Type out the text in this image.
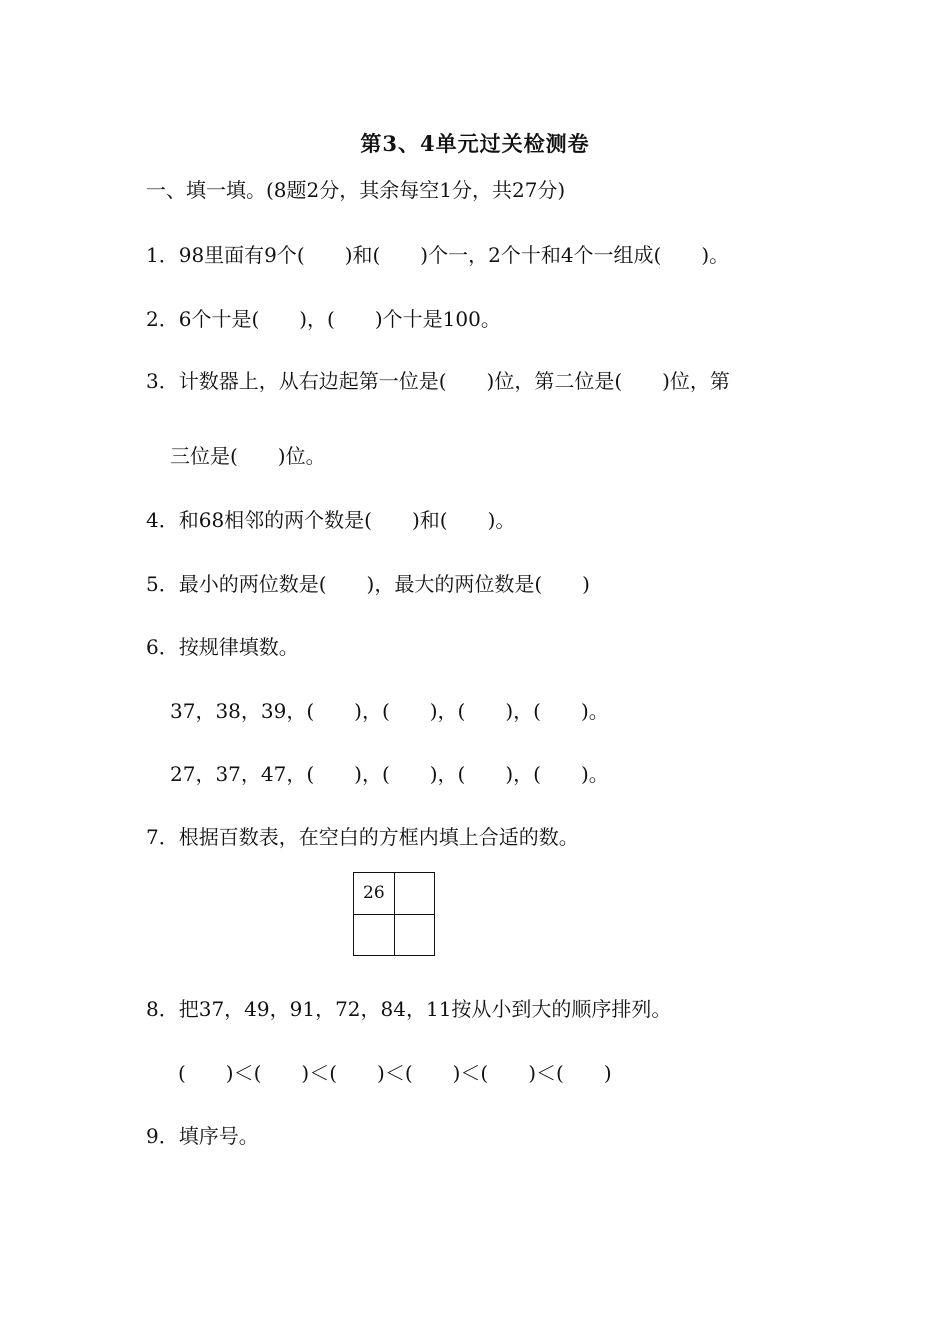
第3、4单元过关检测卷
一、填一填。(8题2分，其余每空1分，共27分)
1．98里面有9个(　　)和(　　)个一，2个十和4个一组成(　　)。
2．6个十是(　　)，(　　)个十是100。
3．计数器上，从右边起第一位是(　　)位，第二位是(　　)位，第
三位是(　　)位。
4．和68相邻的两个数是(　　)和(　　)。
5．最小的两位数是(　　)，最大的两位数是(　　)
6．按规律填数。
37，38，39，(　　)，(　　)，(　　)，(　　)。
27，37，47，(　　)，(　　)，(　　)，(　　)。
7．根据百数表，在空白的方框内填上合适的数。
26
8．把37，49，91，72，84，11按从小到大的顺序排列。
(　　)＜(　　)＜(　　)＜(　　)＜(　　)＜(　　)
9．填序号。
